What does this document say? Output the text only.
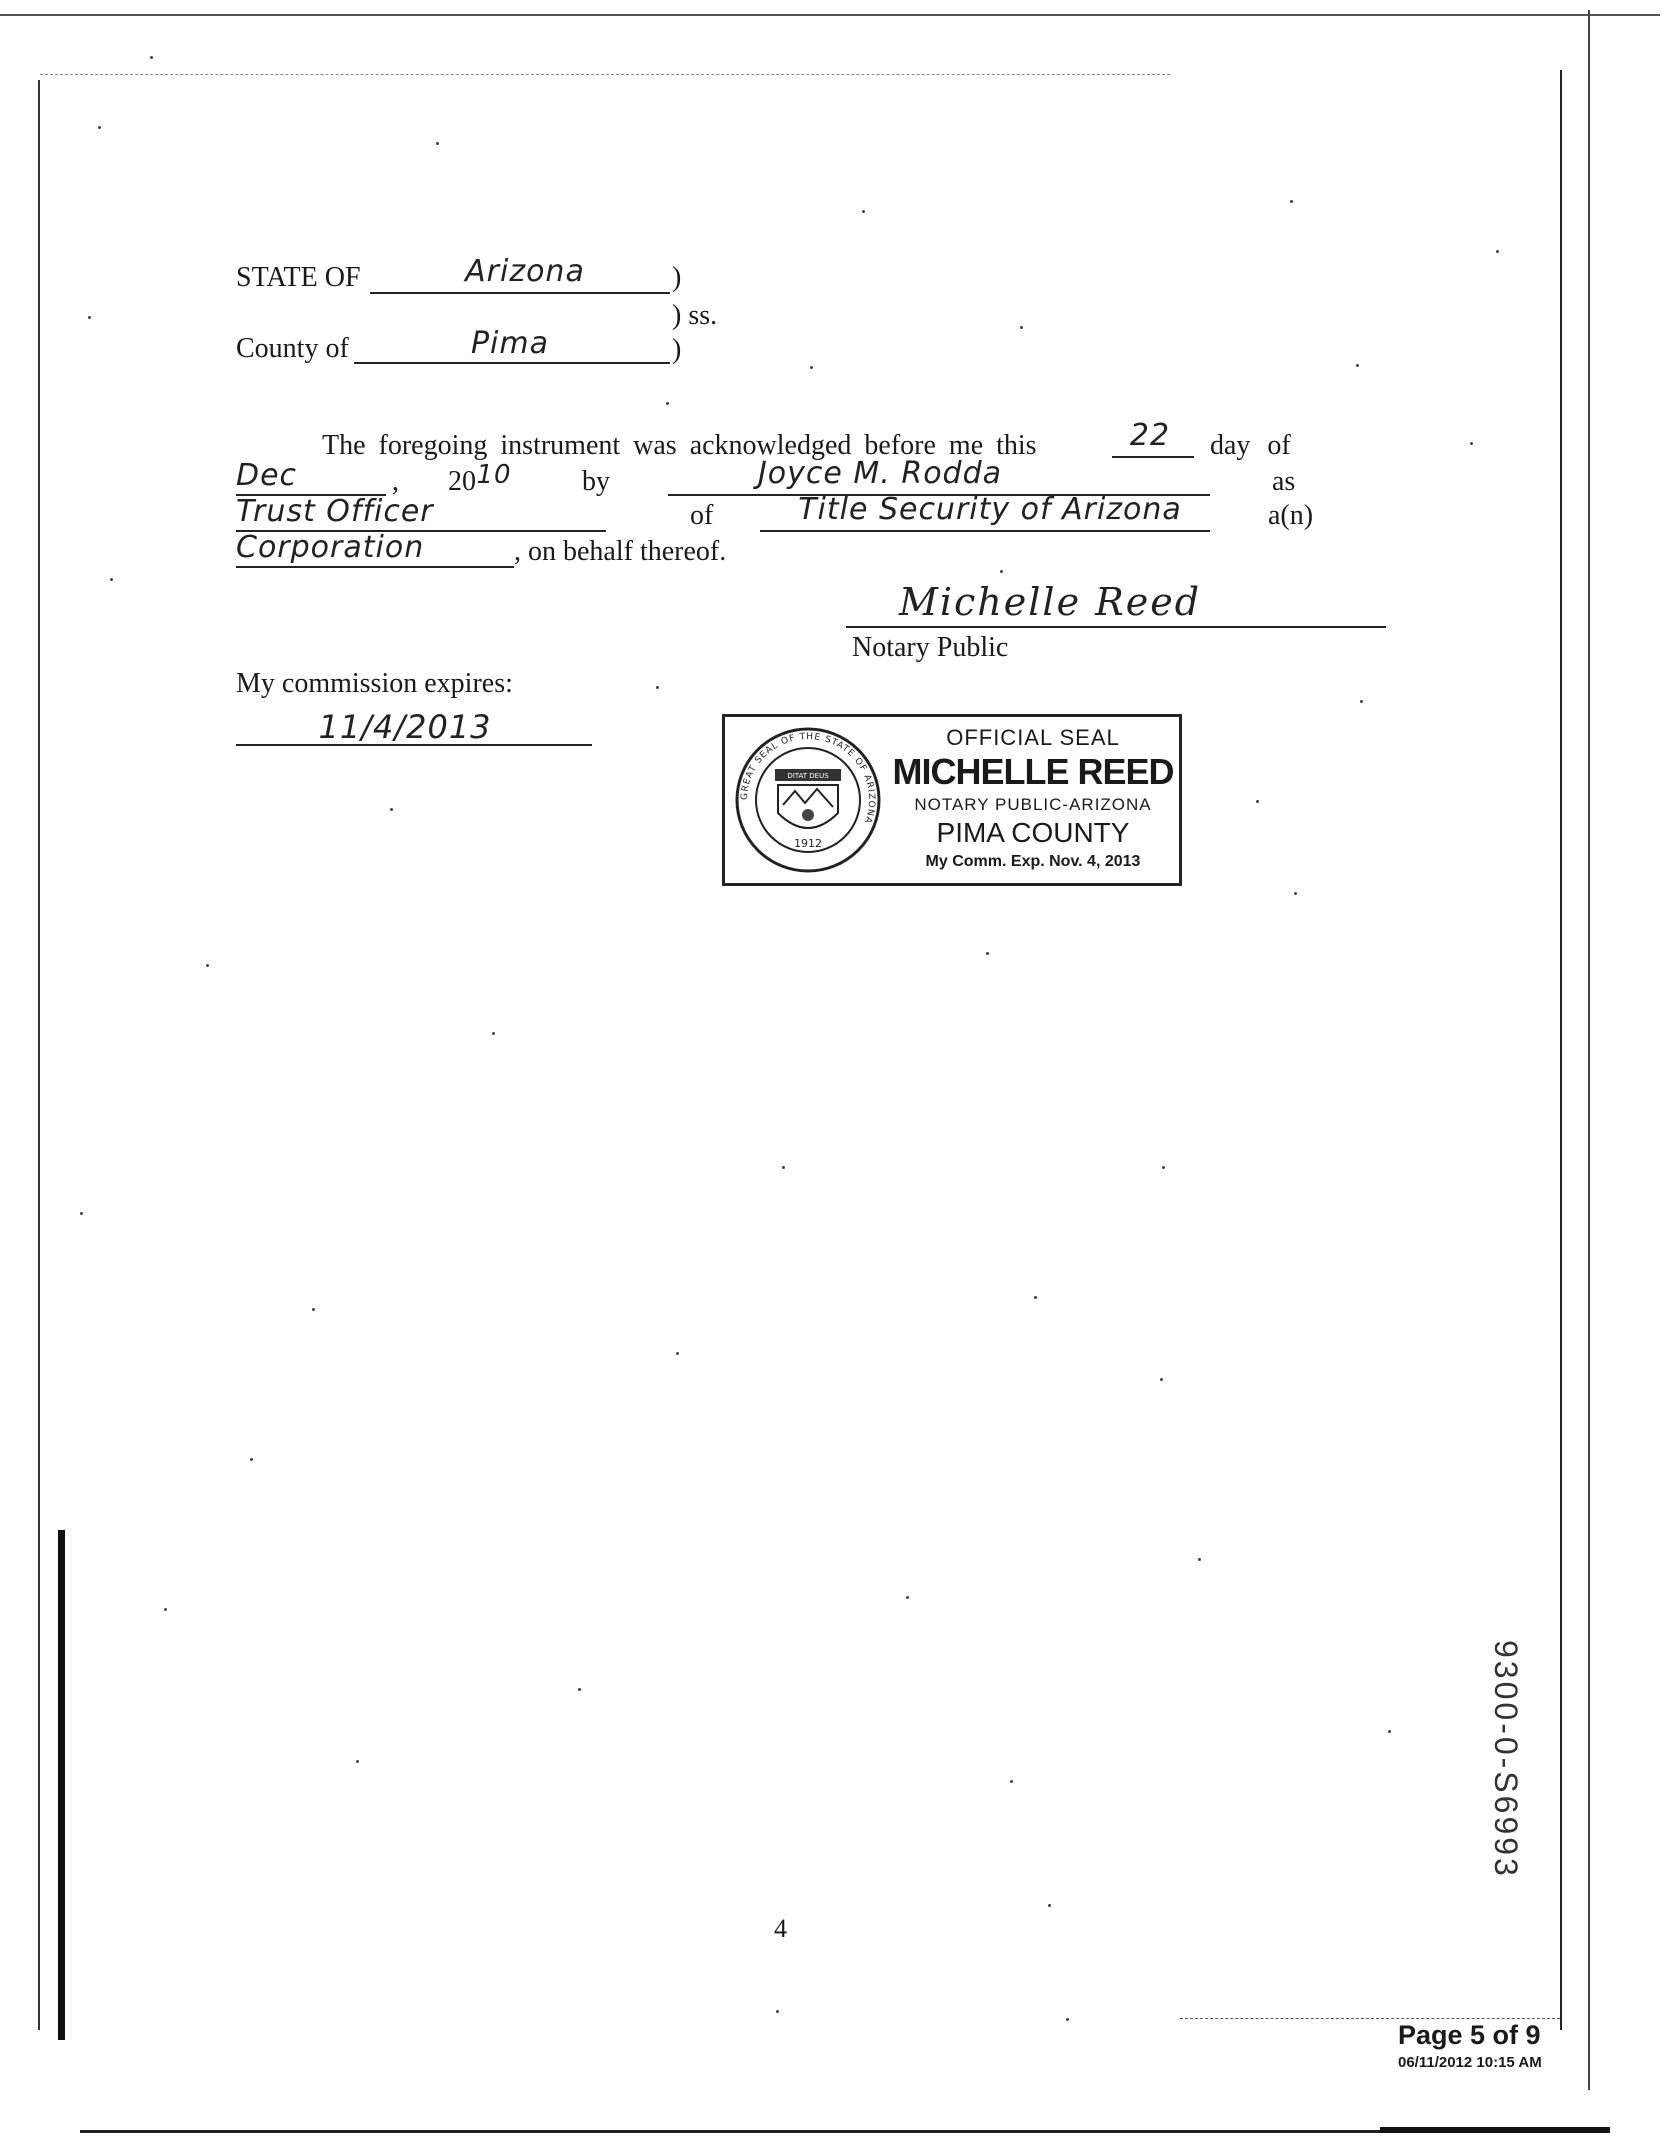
STATE OF	Arizona	)
) ss.
County of	Pima	)
The foregoing instrument was acknowledged before me this	22	day of
Dec	, 20 10	by	Joyce M. Rodda	as
Trust Officer	of	Title Security of Arizona	a(n)
Corporation	, on behalf thereof.
Michelle Reed
Notary Public
My commission expires:
11/4/2013
GREAT SEAL OF THE STATE OF ARIZONA
DITAT DEUS
1912
OFFICIAL SEAL
MICHELLE REED
NOTARY PUBLIC-ARIZONA
PIMA COUNTY
My Comm. Exp. Nov. 4, 2013
9300-0-S6993
4
Page 5 of 9
06/11/2012 10:15 AM
